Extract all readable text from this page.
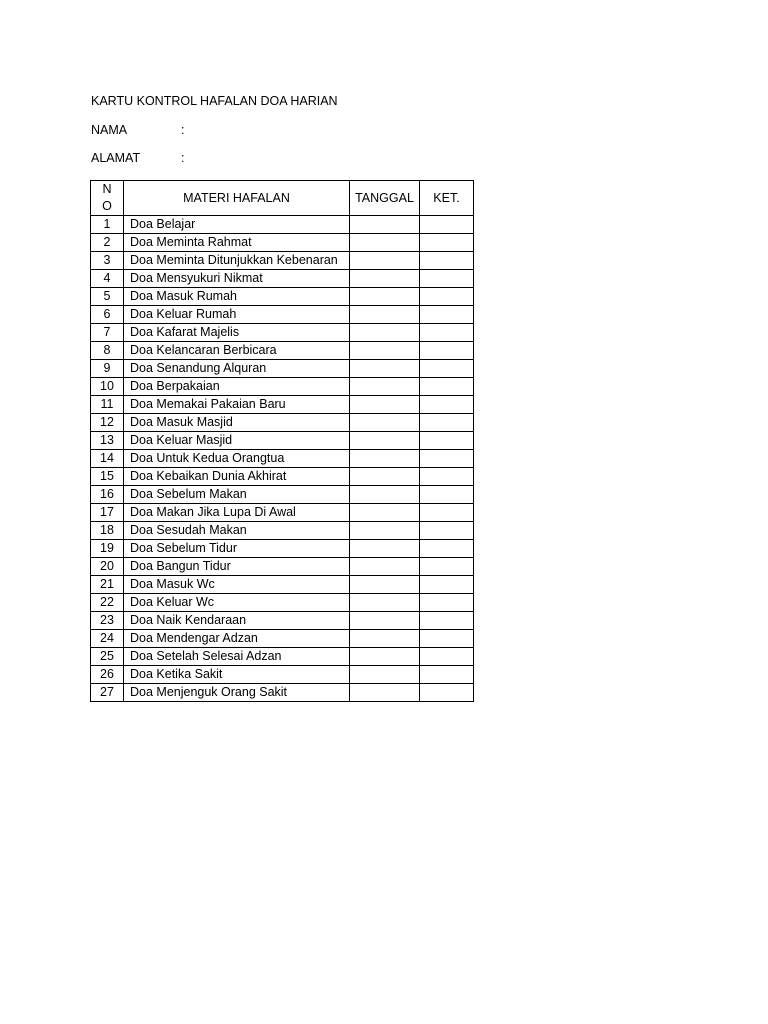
KARTU KONTROL HAFALAN DOA HARIAN
NAMA	:
ALAMAT	:
N
O	MATERI HAFALAN	TANGGAL	KET.
1	Doa Belajar		
2	Doa Meminta Rahmat		
3	Doa Meminta Ditunjukkan Kebenaran		
4	Doa Mensyukuri Nikmat		
5	Doa Masuk Rumah		
6	Doa Keluar Rumah		
7	Doa Kafarat Majelis		
8	Doa Kelancaran Berbicara		
9	Doa Senandung Alquran		
10	Doa Berpakaian		
11	Doa Memakai Pakaian Baru		
12	Doa Masuk Masjid		
13	Doa Keluar Masjid		
14	Doa Untuk Kedua Orangtua		
15	Doa Kebaikan Dunia Akhirat		
16	Doa Sebelum Makan		
17	Doa Makan Jika Lupa Di Awal		
18	Doa Sesudah Makan		
19	Doa Sebelum Tidur		
20	Doa Bangun Tidur		
21	Doa Masuk Wc		
22	Doa Keluar Wc		
23	Doa Naik Kendaraan		
24	Doa Mendengar Adzan		
25	Doa Setelah Selesai Adzan		
26	Doa Ketika Sakit		
27	Doa Menjenguk Orang Sakit		
